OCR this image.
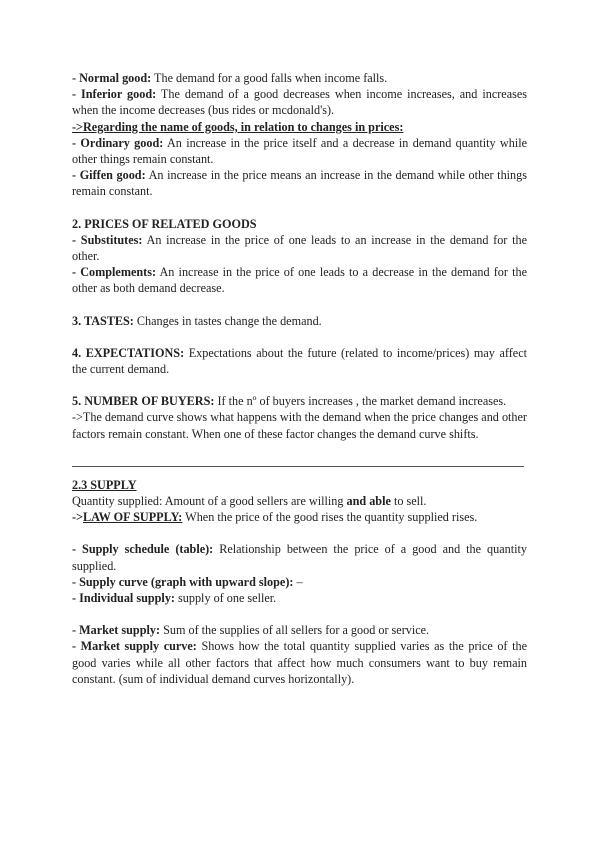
- Normal good: The demand for a good falls when income falls.

- Inferior good: The demand of a good decreases when income increases, and increases when the income decreases (bus rides or mcdonald's).

->Regarding the name of goods, in relation to changes in prices:

- Ordinary good: An increase in the price itself and a decrease in demand quantity while other things remain constant.

- Giffen good: An increase in the price means an increase in the demand while other things remain constant.

2. PRICES OF RELATED GOODS

- Substitutes: An increase in the price of one leads to an increase in the demand for the other.

- Complements: An increase in the price of one leads to a decrease in the demand for the other as both demand decrease.

3. TASTES: Changes in tastes change the demand.

4. EXPECTATIONS: Expectations about the future (related to income/prices) may affect the current demand.

5. NUMBER OF BUYERS: If the nº of buyers increases , the market demand increases.

->The demand curve shows what happens with the demand when the price changes and other factors remain constant. When one of these factor changes the demand curve shifts.

2.3 SUPPLY

Quantity supplied: Amount of a good sellers are willing and able to sell.

->LAW OF SUPPLY: When the price of the good rises the quantity supplied rises.

- Supply schedule (table): Relationship between the price of a good and the quantity supplied.

- Supply curve (graph with upward slope): –

- Individual supply: supply of one seller.

- Market supply: Sum of the supplies of all sellers for a good or service.

- Market supply curve: Shows how the total quantity supplied varies as the price of the good varies while all other factors that affect how much consumers want to buy remain constant. (sum of individual demand curves horizontally).
